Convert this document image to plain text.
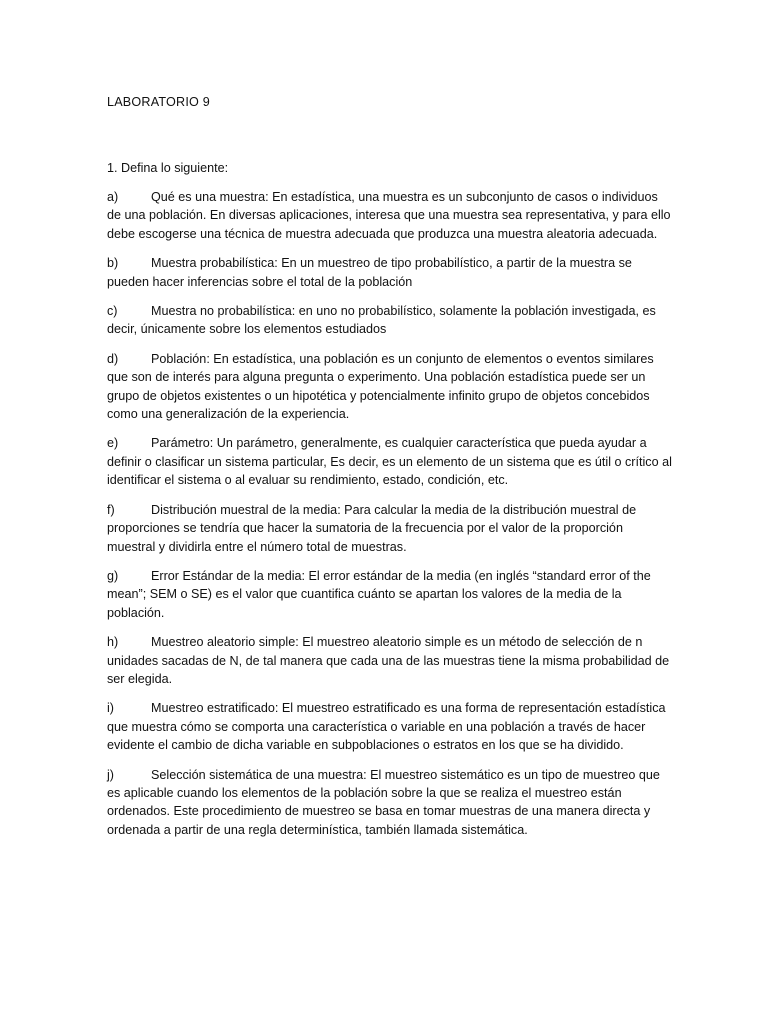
LABORATORIO 9

1. Defina lo siguiente:

a)	Qué es una muestra: En estadística, una muestra es un subconjunto de casos o individuos de una población. En diversas aplicaciones, interesa que una muestra sea representativa, y para ello debe escogerse una técnica de muestra adecuada que produzca una muestra aleatoria adecuada.

b)	Muestra probabilística: En un muestreo de tipo probabilístico, a partir de la muestra se pueden hacer inferencias sobre el total de la población

c)	Muestra no probabilística: en uno no probabilístico, solamente la población investigada, es decir, únicamente sobre los elementos estudiados

d)	Población: En estadística, una población es un conjunto de elementos o eventos similares que son de interés para alguna pregunta o experimento. Una población estadística puede ser un grupo de objetos existentes o un hipotética y potencialmente infinito grupo de objetos concebidos como una generalización de la experiencia.

e)	Parámetro: Un parámetro, generalmente, es cualquier característica que pueda ayudar a definir o clasificar un sistema particular, Es decir, es un elemento de un sistema que es útil o crítico al identificar el sistema o al evaluar su rendimiento, estado, condición, etc.

f)	Distribución muestral de la media: Para calcular la media de la distribución muestral de proporciones se tendría que hacer la sumatoria de la frecuencia por el valor de la proporción muestral y dividirla entre el número total de muestras.

g)	Error Estándar de la media: El error estándar de la media (en inglés “standard error of the mean”; SEM o SE) es el valor que cuantifica cuánto se apartan los valores de la media de la población.

h)	Muestreo aleatorio simple: El muestreo aleatorio simple es un método de selección de n unidades sacadas de N, de tal manera que cada una de las muestras tiene la misma probabilidad de ser elegida.

i)	Muestreo estratificado: El muestreo estratificado es una forma de representación estadística que muestra cómo se comporta una característica o variable en una población a través de hacer evidente el cambio de dicha variable en subpoblaciones o estratos en los que se ha dividido.

j)	Selección sistemática de una muestra: El muestreo sistemático es un tipo de muestreo que es aplicable cuando los elementos de la población sobre la que se realiza el muestreo están ordenados. Este procedimiento de muestreo se basa en tomar muestras de una manera directa y ordenada a partir de una regla determinística, también llamada sistemática.
